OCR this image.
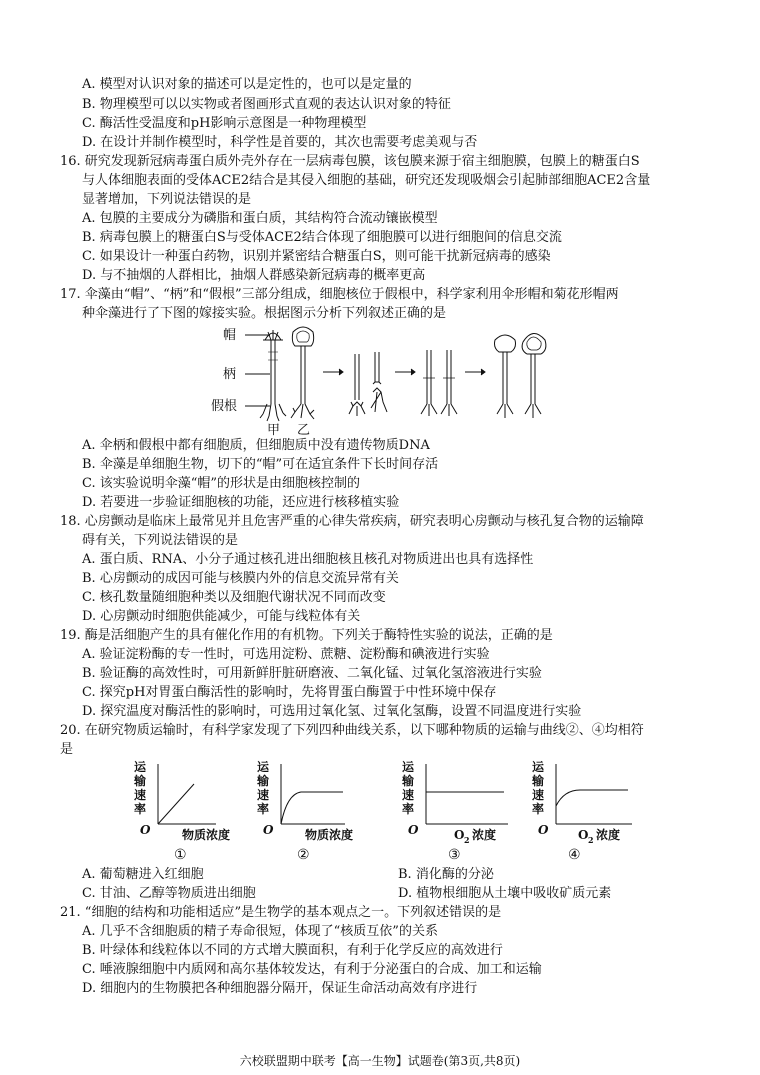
A. 模型对认识对象的描述可以是定性的，也可以是定量的
B. 物理模型可以以实物或者图画形式直观的表达认识对象的特征
C. 酶活性受温度和pH影响示意图是一种物理模型
D. 在设计并制作模型时，科学性是首要的，其次也需要考虑美观与否
16. 研究发现新冠病毒蛋白质外壳外存在一层病毒包膜，该包膜来源于宿主细胞膜，包膜上的糖蛋白S
与人体细胞表面的受体ACE2结合是其侵入细胞的基础，研究还发现吸烟会引起肺部细胞ACE2含量
显著增加，下列说法错误的是
A. 包膜的主要成分为磷脂和蛋白质，其结构符合流动镶嵌模型
B. 病毒包膜上的糖蛋白S与受体ACE2结合体现了细胞膜可以进行细胞间的信息交流
C. 如果设计一种蛋白药物，识别并紧密结合糖蛋白S，则可能干扰新冠病毒的感染
D. 与不抽烟的人群相比，抽烟人群感染新冠病毒的概率更高
17. 伞藻由“帽”、“柄”和“假根”三部分组成，细胞核位于假根中，科学家利用伞形帽和菊花形帽两
种伞藻进行了下图的嫁接实验。根据图示分析下列叙述正确的是
帽
柄
假根
甲 乙
A. 伞柄和假根中都有细胞质，但细胞质中没有遗传物质DNA
B. 伞藻是单细胞生物，切下的“帽”可在适宜条件下长时间存活
C. 该实验说明伞藻“帽”的形状是由细胞核控制的
D. 若要进一步验证细胞核的功能，还应进行核移植实验
18. 心房颤动是临床上最常见并且危害严重的心律失常疾病，研究表明心房颤动与核孔复合物的运输障
碍有关，下列说法错误的是
A. 蛋白质、RNA、小分子通过核孔进出细胞核且核孔对物质进出也具有选择性
B. 心房颤动的成因可能与核膜内外的信息交流异常有关
C. 核孔数量随细胞种类以及细胞代谢状况不同而改变
D. 心房颤动时细胞供能减少，可能与线粒体有关
19. 酶是活细胞产生的具有催化作用的有机物。下列关于酶特性实验的说法，正确的是
A. 验证淀粉酶的专一性时，可选用淀粉、蔗糖、淀粉酶和碘液进行实验
B. 验证酶的高效性时，可用新鲜肝脏研磨液、二氧化锰、过氧化氢溶液进行实验
C. 探究pH对胃蛋白酶活性的影响时，先将胃蛋白酶置于中性环境中保存
D. 探究温度对酶活性的影响时，可选用过氧化氢、过氧化氢酶，设置不同温度进行实验
20. 在研究物质运输时，有科学家发现了下列四种曲线关系，以下哪种物质的运输与曲线②、④均相符
是
运
输
速
率
O	物质浓度
①
运
输
速
率
O	物质浓度
②
运
输
速
率
O	O 2 浓度
③
运
输
速
率
O O 2 浓度
④
A. 葡萄糖进入红细胞	B. 消化酶的分泌
C. 甘油、乙醇等物质进出细胞	D. 植物根细胞从土壤中吸收矿质元素
21. “细胞的结构和功能相适应”是生物学的基本观点之一。下列叙述错误的是
A. 几乎不含细胞质的精子寿命很短，体现了“核质互依”的关系
B. 叶绿体和线粒体以不同的方式增大膜面积，有利于化学反应的高效进行
C. 唾液腺细胞中内质网和高尔基体较发达，有利于分泌蛋白的合成、加工和运输
D. 细胞内的生物膜把各种细胞器分隔开，保证生命活动高效有序进行
六校联盟期中联考【高一生物】试题卷(第3页,共8页)
